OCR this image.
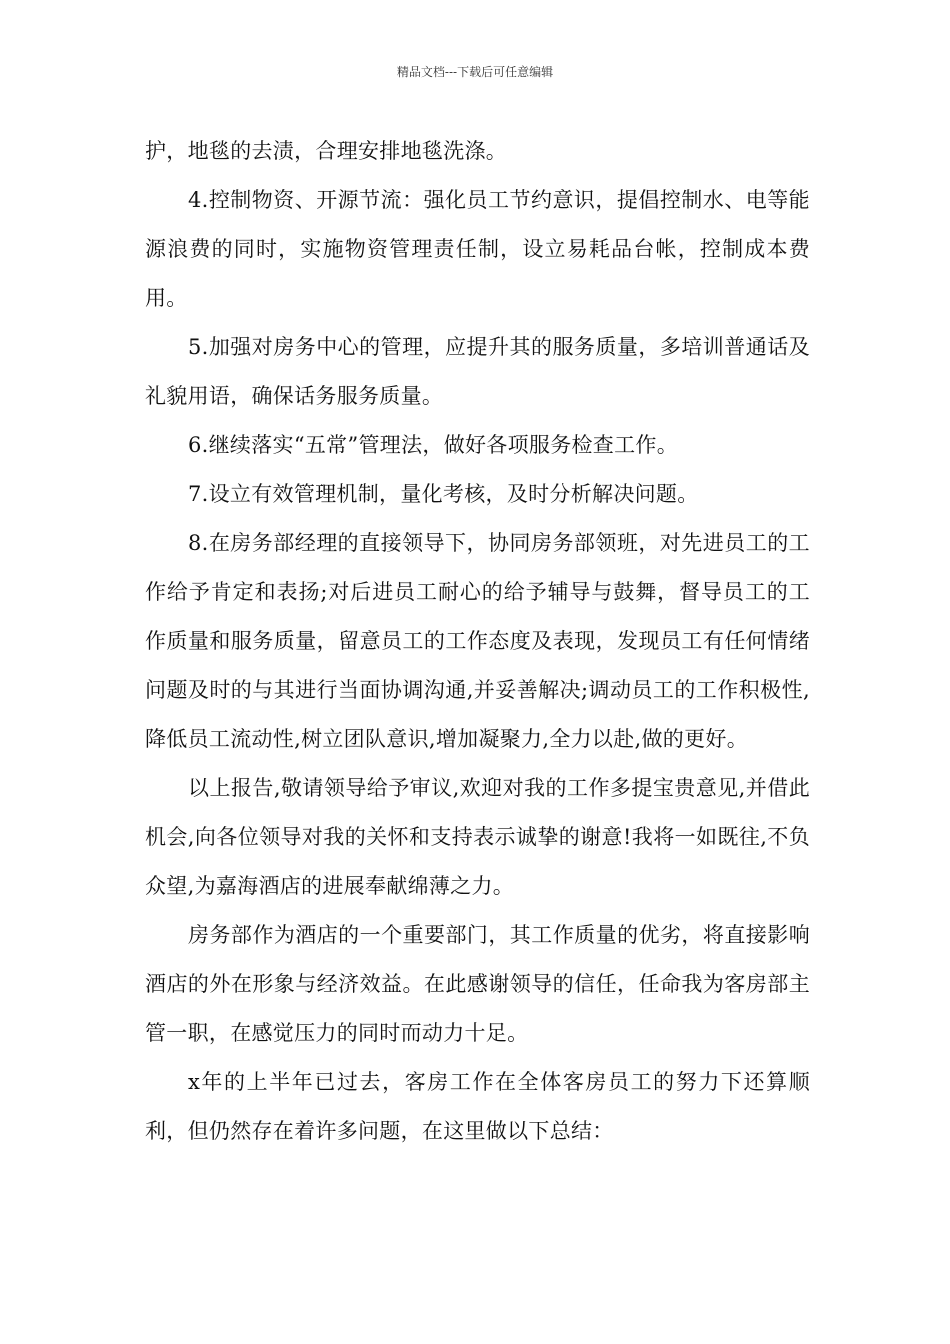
精品文档---下载后可任意编辑

护，地毯的去渍，合理安排地毯洗涤。

4.控制物资、开源节流：强化员工节约意识，提倡控制水、电等能源浪费的同时，实施物资管理责任制，设立易耗品台帐，控制成本费用。

5.加强对房务中心的管理，应提升其的服务质量，多培训普通话及礼貌用语，确保话务服务质量。

6.继续落实“五常”管理法，做好各项服务检查工作。

7.设立有效管理机制，量化考核，及时分析解决问题。

8.在房务部经理的直接领导下，协同房务部领班，对先进员工的工作给予肯定和表扬;对后进员工耐心的给予辅导与鼓舞，督导员工的工作质量和服务质量，留意员工的工作态度及表现，发现员工有任何情绪问题及时的与其进行当面协调沟通,并妥善解决;调动员工的工作积极性,降低员工流动性,树立团队意识,增加凝聚力,全力以赴,做的更好。

以上报告,敬请领导给予审议,欢迎对我的工作多提宝贵意见,并借此机会,向各位领导对我的关怀和支持表示诚挚的谢意!我将一如既往,不负众望,为嘉海酒店的进展奉献绵薄之力。

房务部作为酒店的一个重要部门，其工作质量的优劣，将直接影响酒店的外在形象与经济效益。在此感谢领导的信任，任命我为客房部主管一职，在感觉压力的同时而动力十足。

x年的上半年已过去，客房工作在全体客房员工的努力下还算顺利，但仍然存在着许多问题，在这里做以下总结：
